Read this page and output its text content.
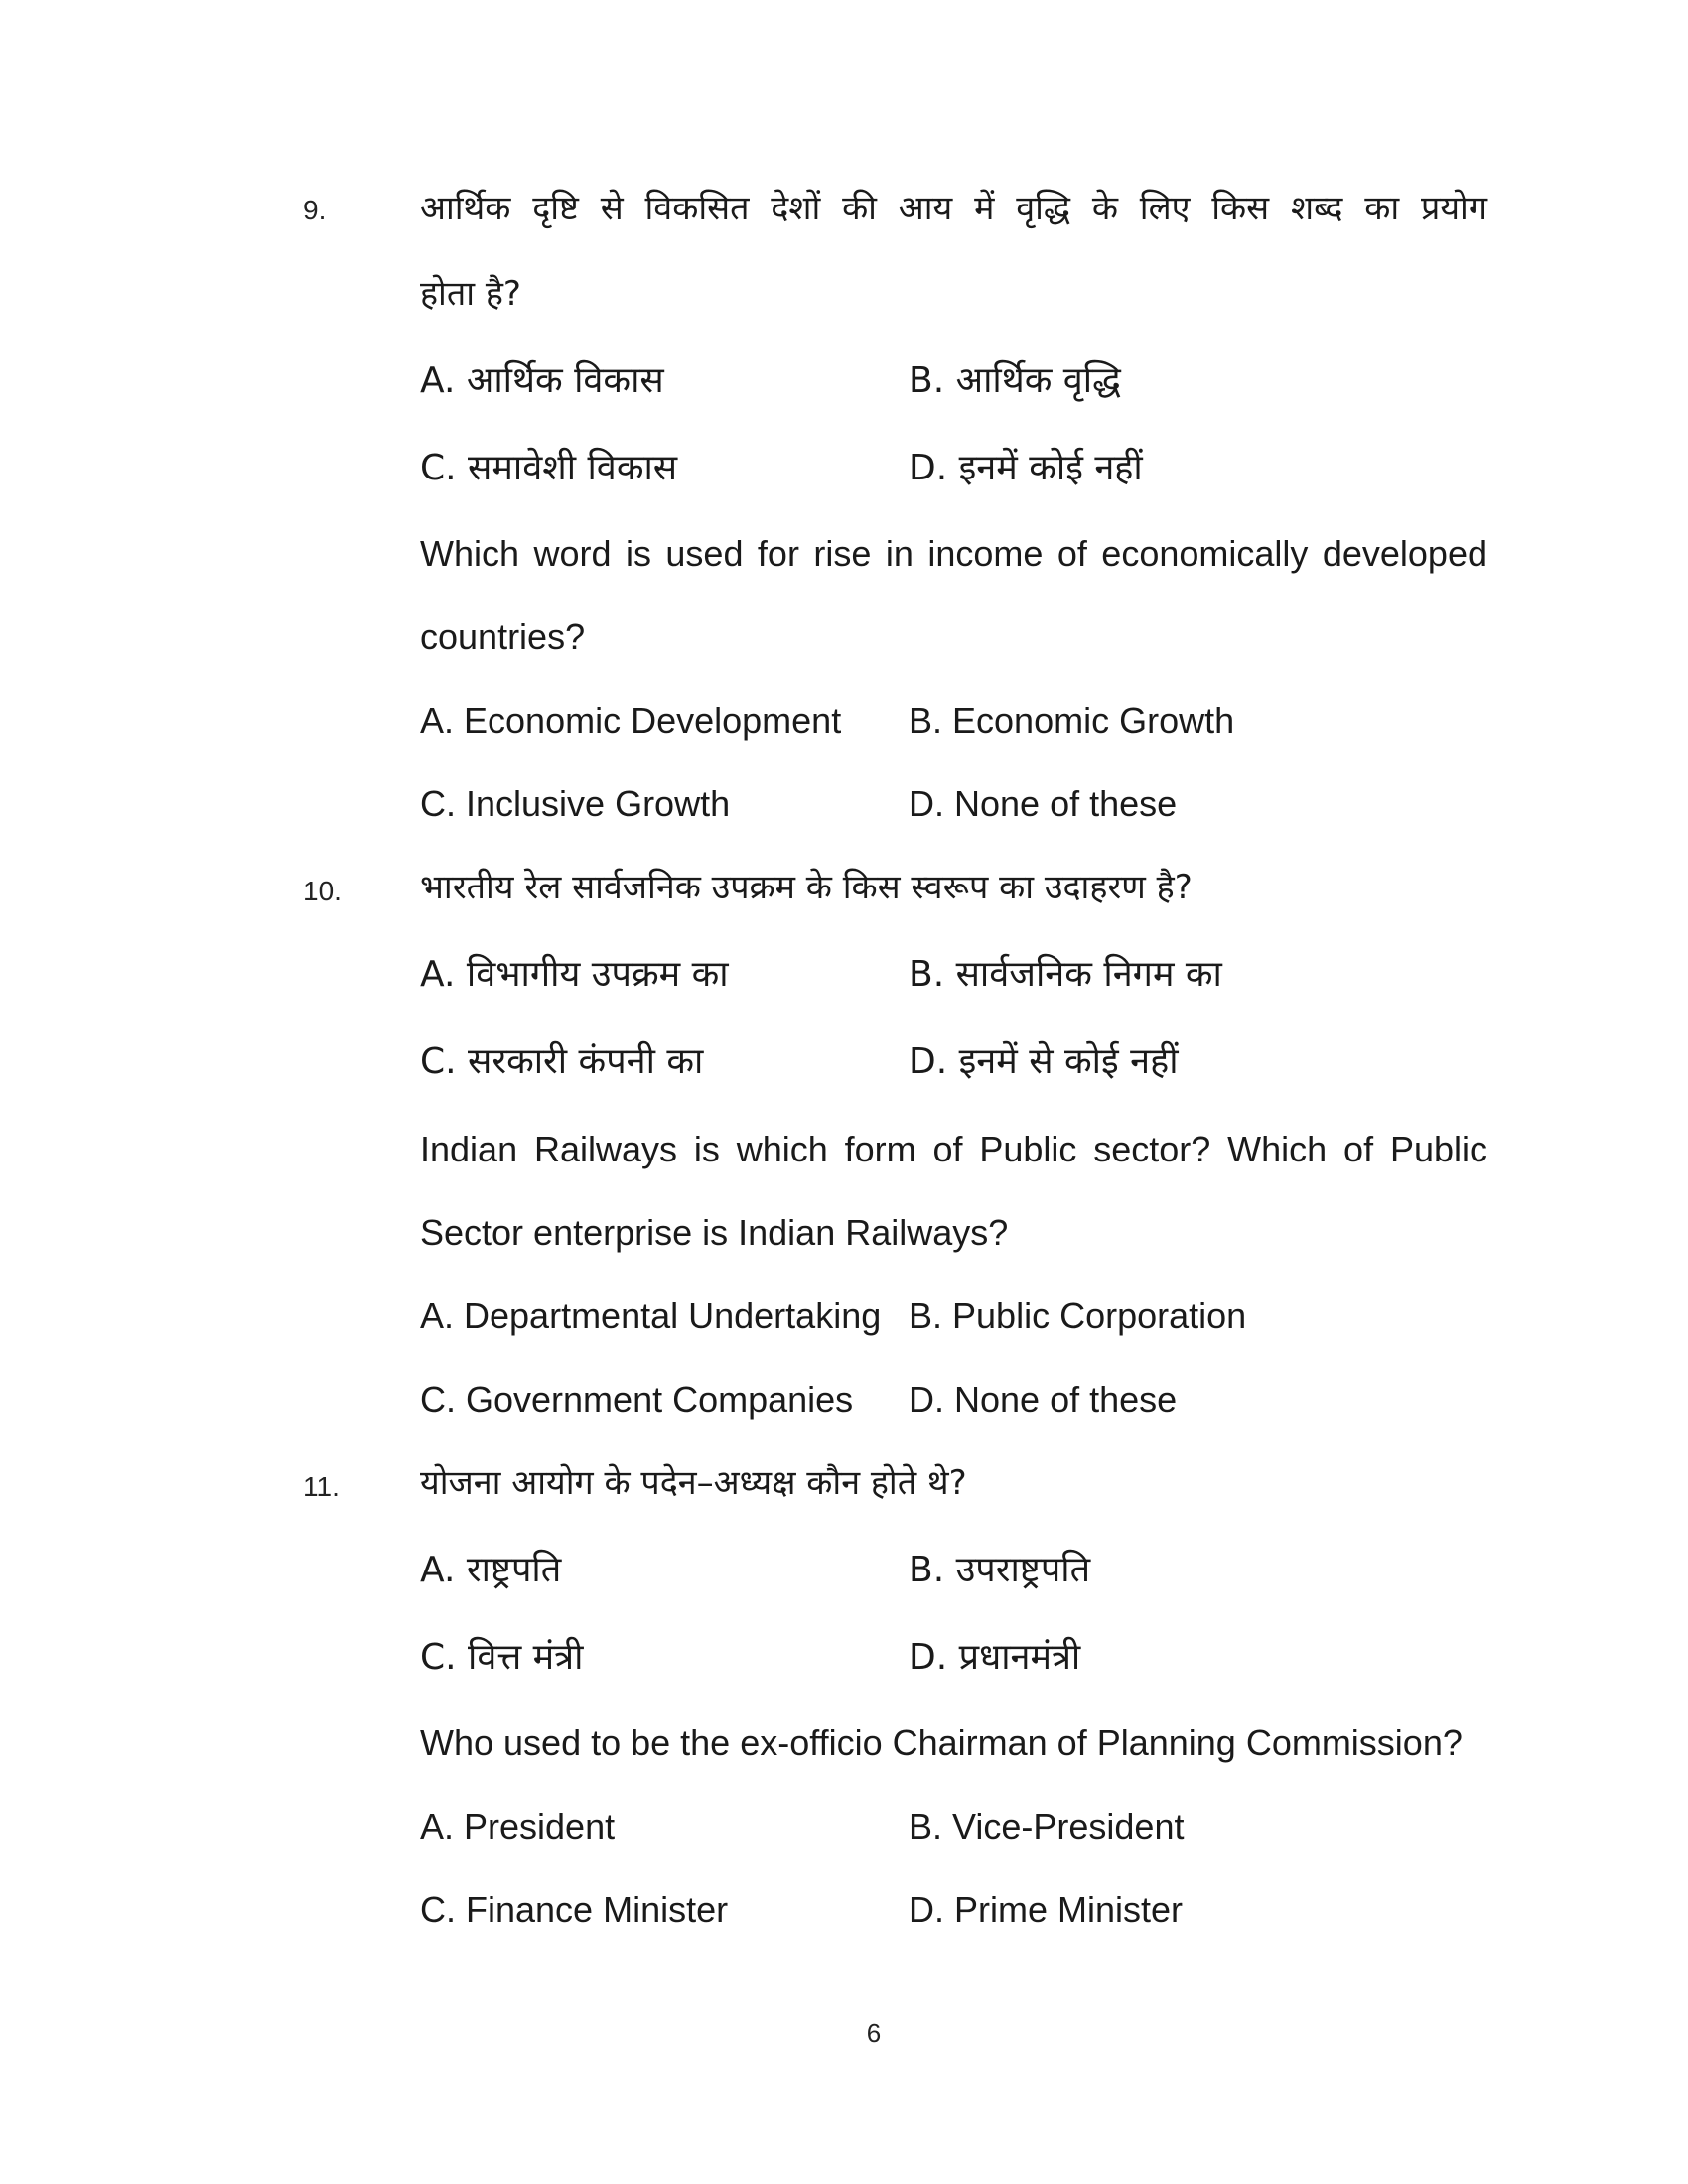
9.	आर्थिक दृष्टि से विकसित देशों की आय में वृद्धि के लिए किस शब्द का प्रयोग
होता है?
A. आर्थिक विकास	B. आर्थिक वृद्धि
C. समावेशी विकास	D. इनमें कोई नहीं
Which word is used for rise in income of economically developed
countries?
A. Economic Development B. Economic Growth
C. Inclusive Growth	D. None of these
10. भारतीय रेल सार्वजनिक उपक्रम के किस स्वरूप का उदाहरण है?
A. विभागीय उपक्रम का	B. सार्वजनिक निगम का
C. सरकारी कंपनी का	D. इनमें से कोई नहीं
Indian Railways is which form of Public sector? Which of Public
Sector enterprise is Indian Railways?
A. Departmental Undertaking B. Public Corporation
C. Government Companies D. None of these
11. योजना आयोग के पदेन–अध्यक्ष कौन होते थे?
A. राष्ट्रपति	B. उपराष्ट्रपति
C. वित्त मंत्री	D. प्रधानमंत्री
Who used to be the ex-officio Chairman of Planning Commission?
A. President	B. Vice-President
C. Finance Minister	D. Prime Minister
6
